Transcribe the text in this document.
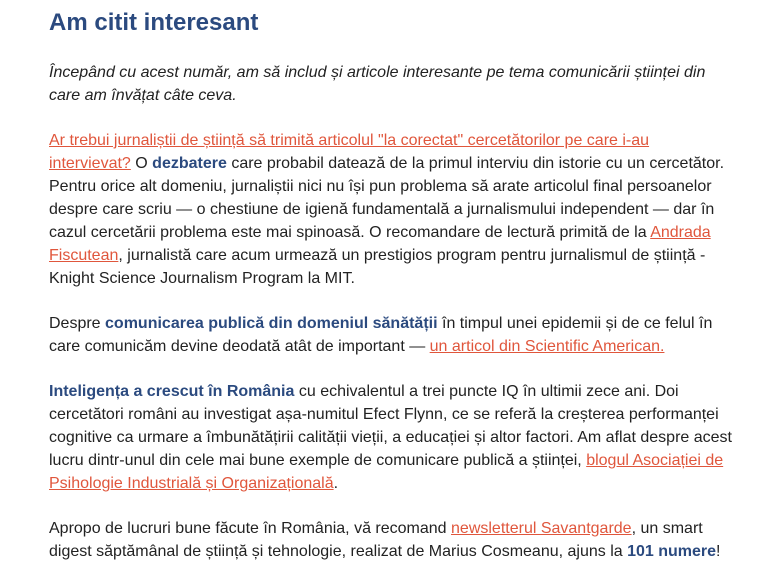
Am citit interesant

Începând cu acest număr, am să includ și articole interesante pe tema comunicării științei din care am învățat câte ceva.

Ar trebui jurnaliștii de știință să trimită articolul "la corectat" cercetătorilor pe care i-au intervievat? O dezbatere care probabil datează de la primul interviu din istorie cu un cercetător. Pentru orice alt domeniu, jurnaliștii nici nu își pun problema să arate articolul final persoanelor despre care scriu — o chestiune de igienă fundamentală a jurnalismului independent — dar în cazul cercetării problema este mai spinoasă. O recomandare de lectură primită de la Andrada Fiscutean, jurnalistă care acum urmează un prestigios program pentru jurnalismul de știință - Knight Science Journalism Program la MIT.

Despre comunicarea publică din domeniul sănătății în timpul unei epidemii și de ce felul în care comunicăm devine deodată atât de important — un articol din Scientific American.

Inteligența a crescut în România cu echivalentul a trei puncte IQ în ultimii zece ani. Doi cercetători români au investigat așa-numitul Efect Flynn, ce se referă la creșterea performanței cognitive ca urmare a îmbunătățirii calității vieții, a educației și altor factori. Am aflat despre acest lucru dintr-unul din cele mai bune exemple de comunicare publică a științei, blogul Asociației de Psihologie Industrială și Organizațională.

Apropo de lucruri bune făcute în România, vă recomand newsletterul Savantgarde, un smart digest săptămânal de știință și tehnologie, realizat de Marius Cosmeanu, ajuns la 101 numere!
